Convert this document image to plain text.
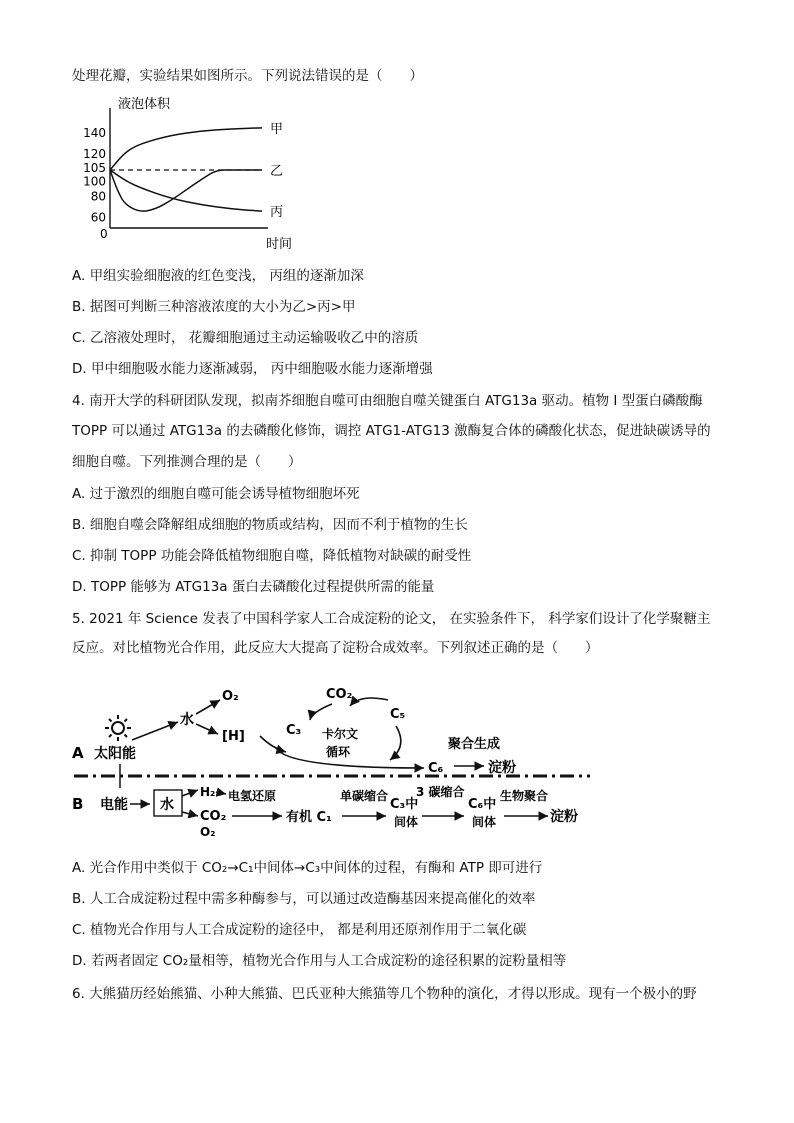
处理花瓣，实验结果如图所示。下列说法错误的是（　　）
60
80
100
105
120
140	甲
乙
丙
液泡体积
时间
0
A. 甲组实验细胞液的红色变浅， 丙组的逐渐加深
B. 据图可判断三种溶液浓度的大小为乙>丙>甲
C. 乙溶液处理时， 花瓣细胞通过主动运输吸收乙中的溶质
D. 甲中细胞吸水能力逐渐减弱， 丙中细胞吸水能力逐渐增强
4. 南开大学的科研团队发现，拟南芥细胞自噬可由细胞自噬关键蛋白 ATG13a 驱动。植物 I 型蛋白磷酸酶
TOPP 可以通过 ATG13a 的去磷酸化修饰，调控 ATG1-ATG13 激酶复合体的磷酸化状态，促进缺碳诱导的
细胞自噬。下列推测合理的是（　　）
A. 过于激烈的细胞自噬可能会诱导植物细胞坏死
B. 细胞自噬会降解组成细胞的物质或结构，因而不利于植物的生长
C. 抑制 TOPP 功能会降低植物细胞自噬，降低植物对缺碳的耐受性
D. TOPP 能够为 ATG13a 蛋白去磷酸化过程提供所需的能量
5. 2021 年 Science 发表了中国科学家人工合成淀粉的论文， 在实验条件下， 科学家们设计了化学聚糖主
反应。对比植物光合作用，此反应大大提高了淀粉合成效率。下列叙述正确的是（　　）
A 太阳能
水
O₂
[H]
CO₂
C₃
C₅
卡尔文
循环
C₆
聚合生成
淀粉
B 电能 水
H₂ 电氢还原
CO₂
O₂
有机 C₁
单碳缩合
C₃中
间体
3 碳缩合
C₆中
间体
生物聚合
淀粉
A. 光合作用中类似于 CO₂→C₁中间体→C₃中间体的过程，有酶和 ATP 即可进行
B. 人工合成淀粉过程中需多种酶参与，可以通过改造酶基因来提高催化的效率
C. 植物光合作用与人工合成淀粉的途径中， 都是利用还原剂作用于二氧化碳
D. 若两者固定 CO₂量相等，植物光合作用与人工合成淀粉的途径积累的淀粉量相等
6. 大熊猫历经始熊猫、小种大熊猫、巴氏亚种大熊猫等几个物种的演化，才得以形成。现有一个极小的野
